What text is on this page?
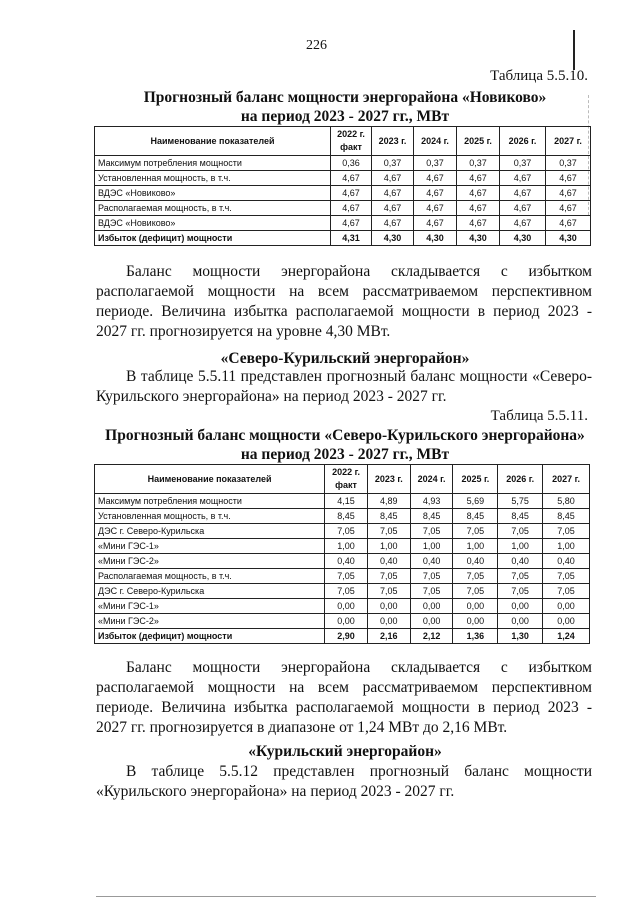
226
Таблица 5.5.10.
Прогнозный баланс мощности энергорайона «Новиково»
на период 2023 - 2027 гг., МВт
Наименование показателей	2022 г. факт	2023 г.	2024 г.	2025 г.	2026 г.	2027 г.
Максимум потребления мощности	0,36	0,37	0,37	0,37	0,37	0,37
Установленная мощность, в т.ч.	4,67	4,67	4,67	4,67	4,67	4,67
ВДЭС «Новиково»	4,67	4,67	4,67	4,67	4,67	4,67
Располагаемая мощность, в т.ч.	4,67	4,67	4,67	4,67	4,67	4,67
ВДЭС «Новиково»	4,67	4,67	4,67	4,67	4,67	4,67
Избыток (дефицит) мощности	4,31	4,30	4,30	4,30	4,30	4,30

Баланс мощности энергорайона складывается с избытком располагаемой мощности на всем рассматриваемом перспективном периоде. Величина избытка располагаемой мощности в период 2023 - 2027 гг. прогнозируется на уровне 4,30 МВт.

«Северо-Курильский энергорайон»

В таблице 5.5.11 представлен прогнозный баланс мощности «Северо-Курильского энергорайона» на период 2023 - 2027 гг.

Таблица 5.5.11.
Прогнозный баланс мощности «Северо-Курильского энергорайона»
на период 2023 - 2027 гг., МВт
Наименование показателей	2022 г. факт	2023 г.	2024 г.	2025 г.	2026 г.	2027 г.
Максимум потребления мощности	4,15	4,89	4,93	5,69	5,75	5,80
Установленная мощность, в т.ч.	8,45	8,45	8,45	8,45	8,45	8,45
ДЭС г. Северо-Курильска	7,05	7,05	7,05	7,05	7,05	7,05
«Мини ГЭС-1»	1,00	1,00	1,00	1,00	1,00	1,00
«Мини ГЭС-2»	0,40	0,40	0,40	0,40	0,40	0,40
Располагаемая мощность, в т.ч.	7,05	7,05	7,05	7,05	7,05	7,05
ДЭС г. Северо-Курильска	7,05	7,05	7,05	7,05	7,05	7,05
«Мини ГЭС-1»	0,00	0,00	0,00	0,00	0,00	0,00
«Мини ГЭС-2»	0,00	0,00	0,00	0,00	0,00	0,00
Избыток (дефицит) мощности	2,90	2,16	2,12	1,36	1,30	1,24

Баланс мощности энергорайона складывается с избытком располагаемой мощности на всем рассматриваемом перспективном периоде. Величина избытка располагаемой мощности в период 2023 - 2027 гг. прогнозируется в диапазоне от 1,24 МВт до 2,16 МВт.

«Курильский энергорайон»

В таблице 5.5.12 представлен прогнозный баланс мощности «Курильского энергорайона» на период 2023 - 2027 гг.
